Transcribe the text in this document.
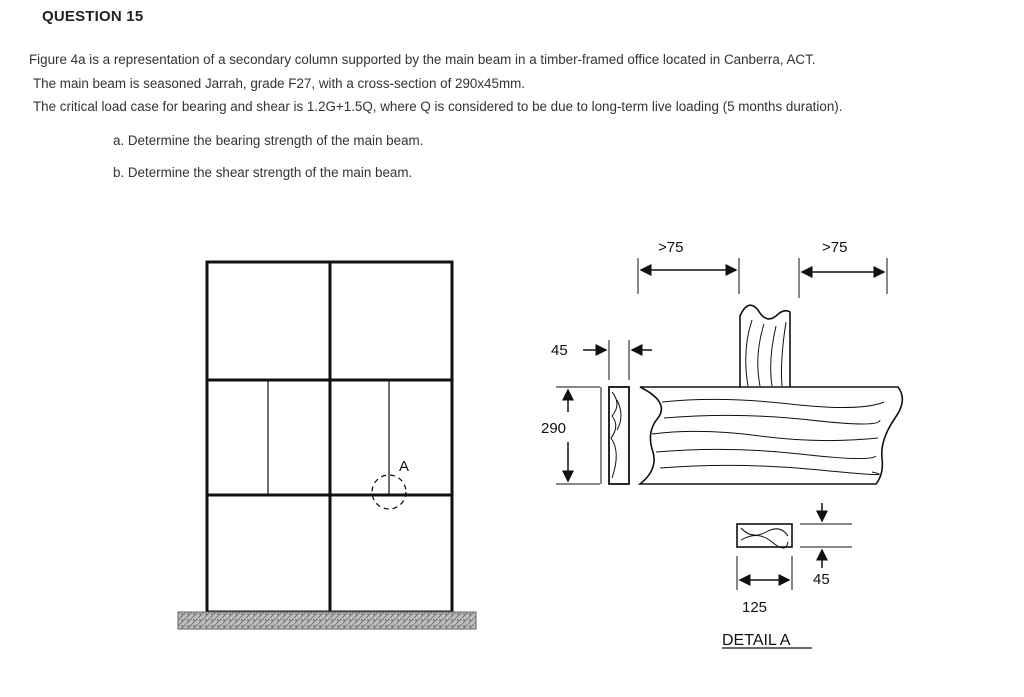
QUESTION 15
Figure 4a is a representation of a secondary column supported by the main beam in a timber-framed office located in Canberra, ACT.
The main beam is seasoned Jarrah, grade F27, with a cross-section of 290x45mm.
The critical load case for bearing and shear is 1.2G+1.5Q, where Q is considered to be due to long-term live loading (5 months duration).
a. Determine the bearing strength of the main beam.
b. Determine the shear strength of the main beam.
A
45
290
>75	>75
45
125
DETAIL A
